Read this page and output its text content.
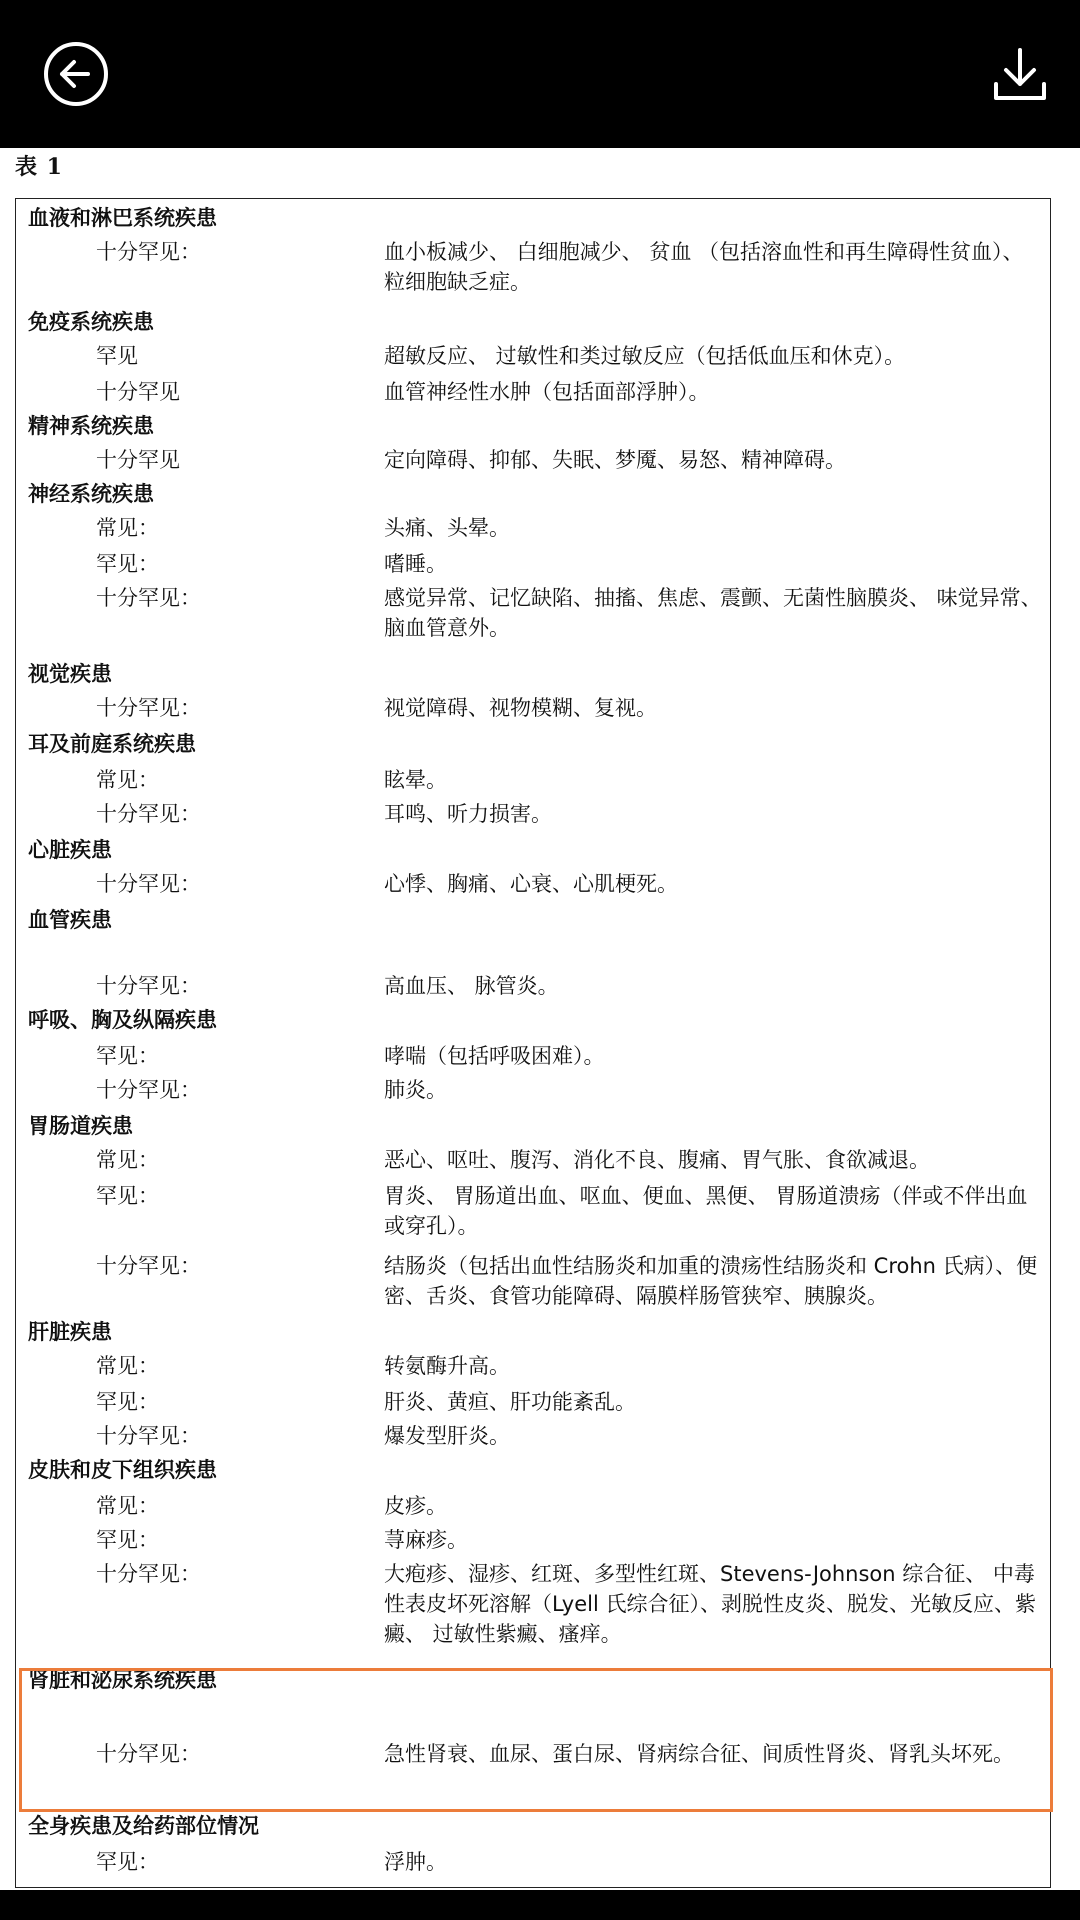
表 1
血液和淋巴系统疾患
十分罕见：	血小板减少、 白细胞减少、 贫血 （包括溶血性和再生障碍性贫血）、粒细胞缺乏症。
免疫系统疾患
罕见	超敏反应、 过敏性和类过敏反应（包括低血压和休克）。
十分罕见	血管神经性水肿（包括面部浮肿）。
精神系统疾患
十分罕见	定向障碍、抑郁、失眠、梦魇、易怒、精神障碍。
神经系统疾患
常见：	头痛、头晕。
罕见：	嗜睡。
十分罕见：	感觉异常、记忆缺陷、抽搐、焦虑、震颤、无菌性脑膜炎、 味觉异常、 脑血管意外。
视觉疾患
十分罕见：	视觉障碍、视物模糊、复视。
耳及前庭系统疾患
常见：	眩晕。
十分罕见：	耳鸣、听力损害。
心脏疾患
十分罕见：	心悸、胸痛、心衰、心肌梗死。
血管疾患
十分罕见：	高血压、 脉管炎。
呼吸、胸及纵隔疾患
罕见：	哮喘（包括呼吸困难）。
十分罕见：	肺炎。
胃肠道疾患
常见：	恶心、呕吐、腹泻、消化不良、腹痛、胃气胀、食欲减退。
罕见：	胃炎、 胃肠道出血、呕血、便血、黑便、 胃肠道溃疡（伴或不伴出血或穿孔）。
十分罕见：	结肠炎（包括出血性结肠炎和加重的溃疡性结肠炎和 Crohn 氏病）、便密、舌炎、食管功能障碍、隔膜样肠管狭窄、胰腺炎。
肝脏疾患
常见：	转氨酶升高。
罕见：	肝炎、黄疸、肝功能紊乱。
十分罕见：	爆发型肝炎。
皮肤和皮下组织疾患
常见：	皮疹。
罕见：	荨麻疹。
十分罕见：	大疱疹、湿疹、红斑、多型性红斑、Stevens-Johnson 综合征、 中毒性表皮坏死溶解（Lyell 氏综合征）、剥脱性皮炎、脱发、光敏反应、紫癜、 过敏性紫癜、瘙痒。
肾脏和泌尿系统疾患
十分罕见：	急性肾衰、血尿、蛋白尿、肾病综合征、间质性肾炎、肾乳头坏死。
全身疾患及给药部位情况
罕见：	浮肿。
